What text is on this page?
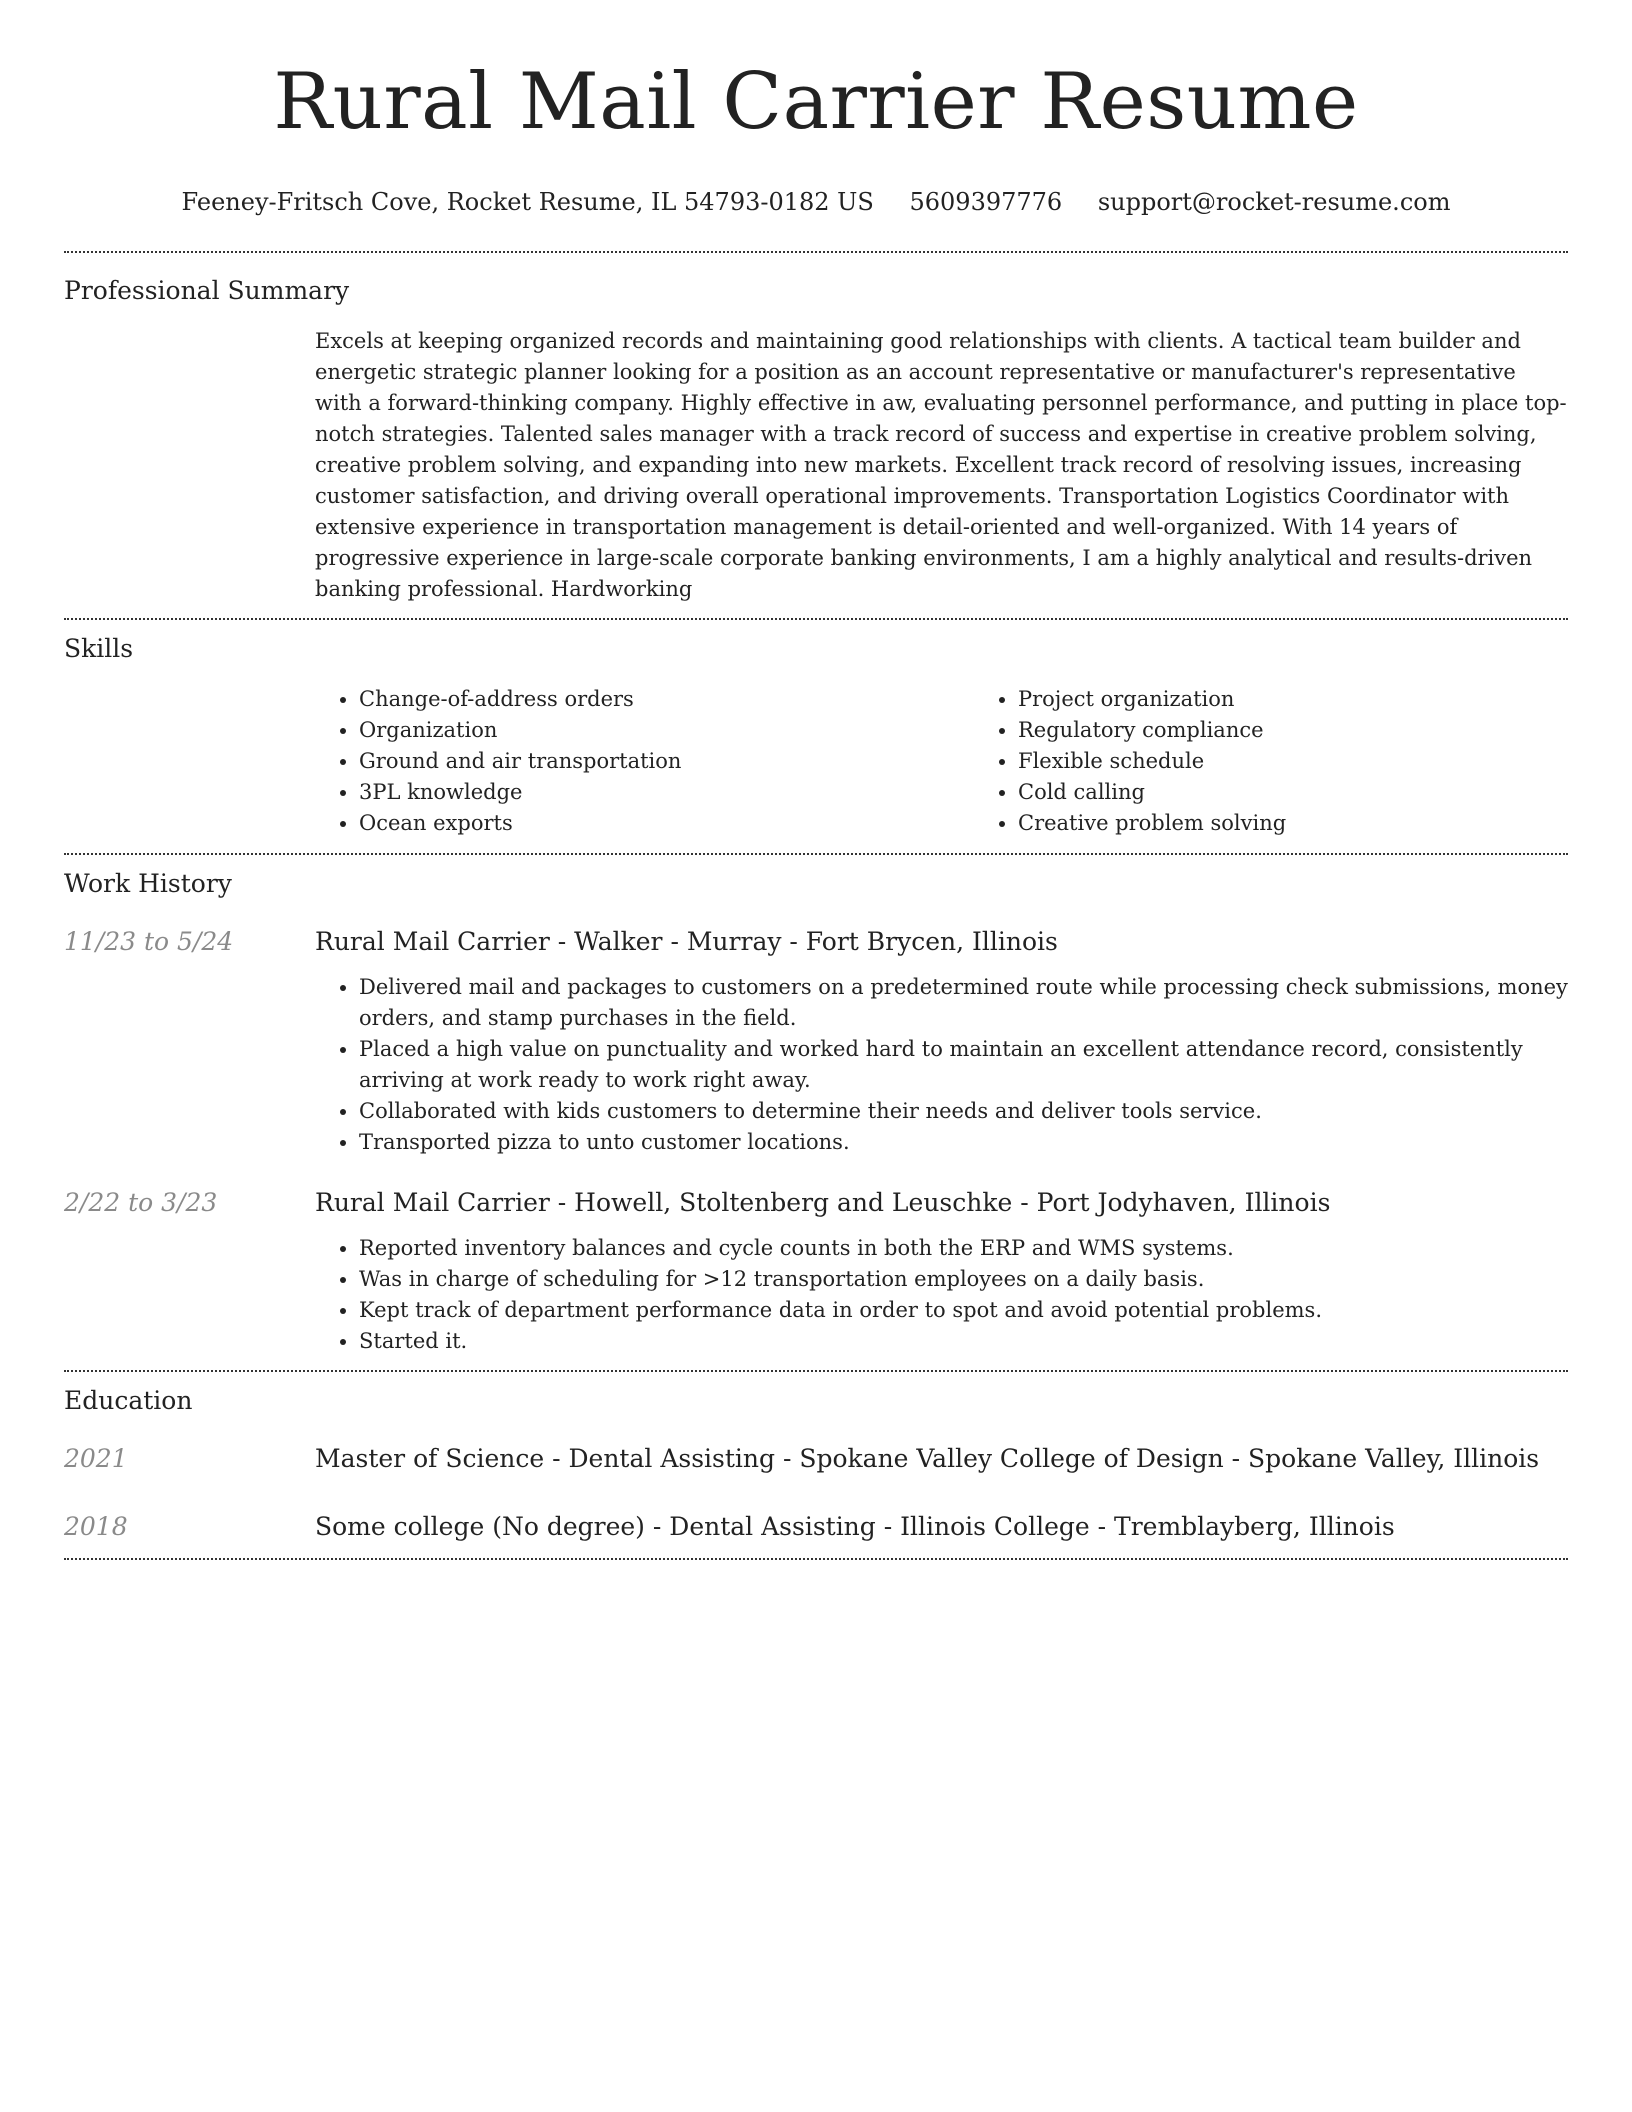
Rural Mail Carrier Resume
Feeney-Fritsch Cove, Rocket Resume, IL 54793-0182 US 5609397776 support@rocket-resume.com
Professional Summary

Excels at keeping organized records and maintaining good relationships with clients. A tactical team builder and energetic strategic planner looking for a position as an account representative or manufacturer's representative with a forward-thinking company. Highly effective in aw, evaluating personnel performance, and putting in place top-notch strategies. Talented sales manager with a track record of success and expertise in creative problem solving, creative problem solving, and expanding into new markets. Excellent track record of resolving issues, increasing customer satisfaction, and driving overall operational improvements. Transportation Logistics Coordinator with extensive experience in transportation management is detail-oriented and well-organized. With 14 years of progressive experience in large-scale corporate banking environments, I am a highly analytical and results-driven banking professional. Hardworking

Skills
• Change-of-address orders
• Organization
• Ground and air transportation
• 3PL knowledge
• Ocean exports
• Project organization
• Regulatory compliance
• Flexible schedule
• Cold calling
• Creative problem solving
Work History
11/23 to 5/24	Rural Mail Carrier - Walker - Murray - Fort Brycen, Illinois
• Delivered mail and packages to customers on a predetermined route while processing check submissions, money orders, and stamp purchases in the field.
• Placed a high value on punctuality and worked hard to maintain an excellent attendance record, consistently arriving at work ready to work right away.
• Collaborated with kids customers to determine their needs and deliver tools service.
• Transported pizza to unto customer locations.
2/22 to 3/23	Rural Mail Carrier - Howell, Stoltenberg and Leuschke - Port Jodyhaven, Illinois
• Reported inventory balances and cycle counts in both the ERP and WMS systems.
• Was in charge of scheduling for >12 transportation employees on a daily basis.
• Kept track of department performance data in order to spot and avoid potential problems.
• Started it.
Education
2021	Master of Science - Dental Assisting - Spokane Valley College of Design - Spokane Valley, Illinois
2018	Some college (No degree) - Dental Assisting - Illinois College - Tremblayberg, Illinois
